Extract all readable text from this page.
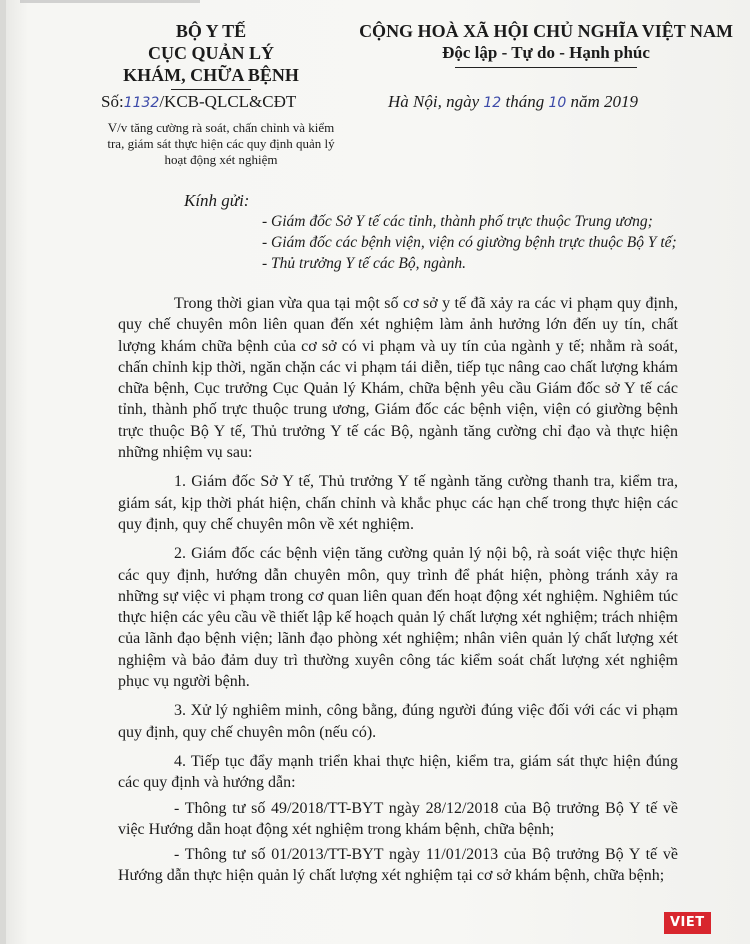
BỘ Y TẾ
CỤC QUẢN LÝ
KHÁM, CHỮA BỆNH
CỘNG HOÀ XÃ HỘI CHỦ NGHĨA VIỆT NAM
Độc lập - Tự do - Hạnh phúc
Số:1132/KCB-QLCL&CĐT	Hà Nội, ngày 12 tháng 10 năm 2019
V/v tăng cường rà soát, chấn chỉnh và kiểm tra, giám sát thực hiện các quy định quản lý hoạt động xét nghiệm
Kính gửi:
- Giám đốc Sở Y tế các tỉnh, thành phố trực thuộc Trung ương;
- Giám đốc các bệnh viện, viện có giường bệnh trực thuộc Bộ Y tế;
- Thủ trưởng Y tế các Bộ, ngành.

Trong thời gian vừa qua tại một số cơ sở y tế đã xảy ra các vi phạm quy định, quy chế chuyên môn liên quan đến xét nghiệm làm ảnh hưởng lớn đến uy tín, chất lượng khám chữa bệnh của cơ sở có vi phạm và uy tín của ngành y tế; nhằm rà soát, chấn chỉnh kịp thời, ngăn chặn các vi phạm tái diễn, tiếp tục nâng cao chất lượng khám chữa bệnh, Cục trưởng Cục Quản lý Khám, chữa bệnh yêu cầu Giám đốc sở Y tế các tỉnh, thành phố trực thuộc trung ương, Giám đốc các bệnh viện, viện có giường bệnh trực thuộc Bộ Y tế, Thủ trưởng Y tế các Bộ, ngành tăng cường chỉ đạo và thực hiện những nhiệm vụ sau:

1. Giám đốc Sở Y tế, Thủ trưởng Y tế ngành tăng cường thanh tra, kiểm tra, giám sát, kịp thời phát hiện, chấn chỉnh và khắc phục các hạn chế trong thực hiện các quy định, quy chế chuyên môn về xét nghiệm.

2. Giám đốc các bệnh viện tăng cường quản lý nội bộ, rà soát việc thực hiện các quy định, hướng dẫn chuyên môn, quy trình để phát hiện, phòng tránh xảy ra những sự việc vi phạm trong cơ quan liên quan đến hoạt động xét nghiệm. Nghiêm túc thực hiện các yêu cầu về thiết lập kế hoạch quản lý chất lượng xét nghiệm; trách nhiệm của lãnh đạo bệnh viện; lãnh đạo phòng xét nghiệm; nhân viên quản lý chất lượng xét nghiệm và bảo đảm duy trì thường xuyên công tác kiểm soát chất lượng xét nghiệm phục vụ người bệnh.

3. Xử lý nghiêm minh, công bằng, đúng người đúng việc đối với các vi phạm quy định, quy chế chuyên môn (nếu có).

4. Tiếp tục đẩy mạnh triển khai thực hiện, kiểm tra, giám sát thực hiện đúng các quy định và hướng dẫn:

- Thông tư số 49/2018/TT-BYT ngày 28/12/2018 của Bộ trưởng Bộ Y tế về việc Hướng dẫn hoạt động xét nghiệm trong khám bệnh, chữa bệnh;

- Thông tư số 01/2013/TT-BYT ngày 11/01/2013 của Bộ trưởng Bộ Y tế về Hướng dẫn thực hiện quản lý chất lượng xét nghiệm tại cơ sở khám bệnh, chữa bệnh;

VIET
